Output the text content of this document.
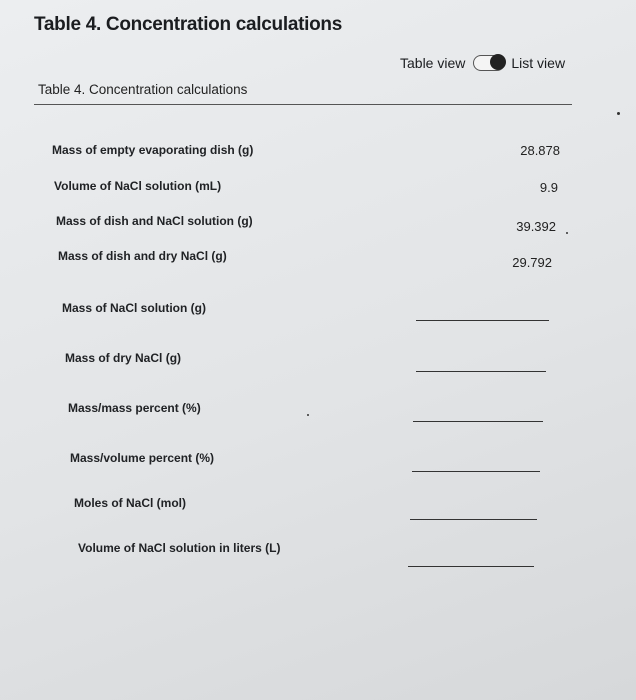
Table 4. Concentration calculations
Table view	List view
Table 4. Concentration calculations
Mass of empty evaporating dish (g)	28.878
Volume of NaCl solution (mL)	9.9
Mass of dish and NaCl solution (g)	39.392
Mass of dish and dry NaCl (g)	29.792
Mass of NaCl solution (g)
Mass of dry NaCl (g)
Mass/mass percent (%)
Mass/volume percent (%)
Moles of NaCl (mol)
Volume of NaCl solution in liters (L)
